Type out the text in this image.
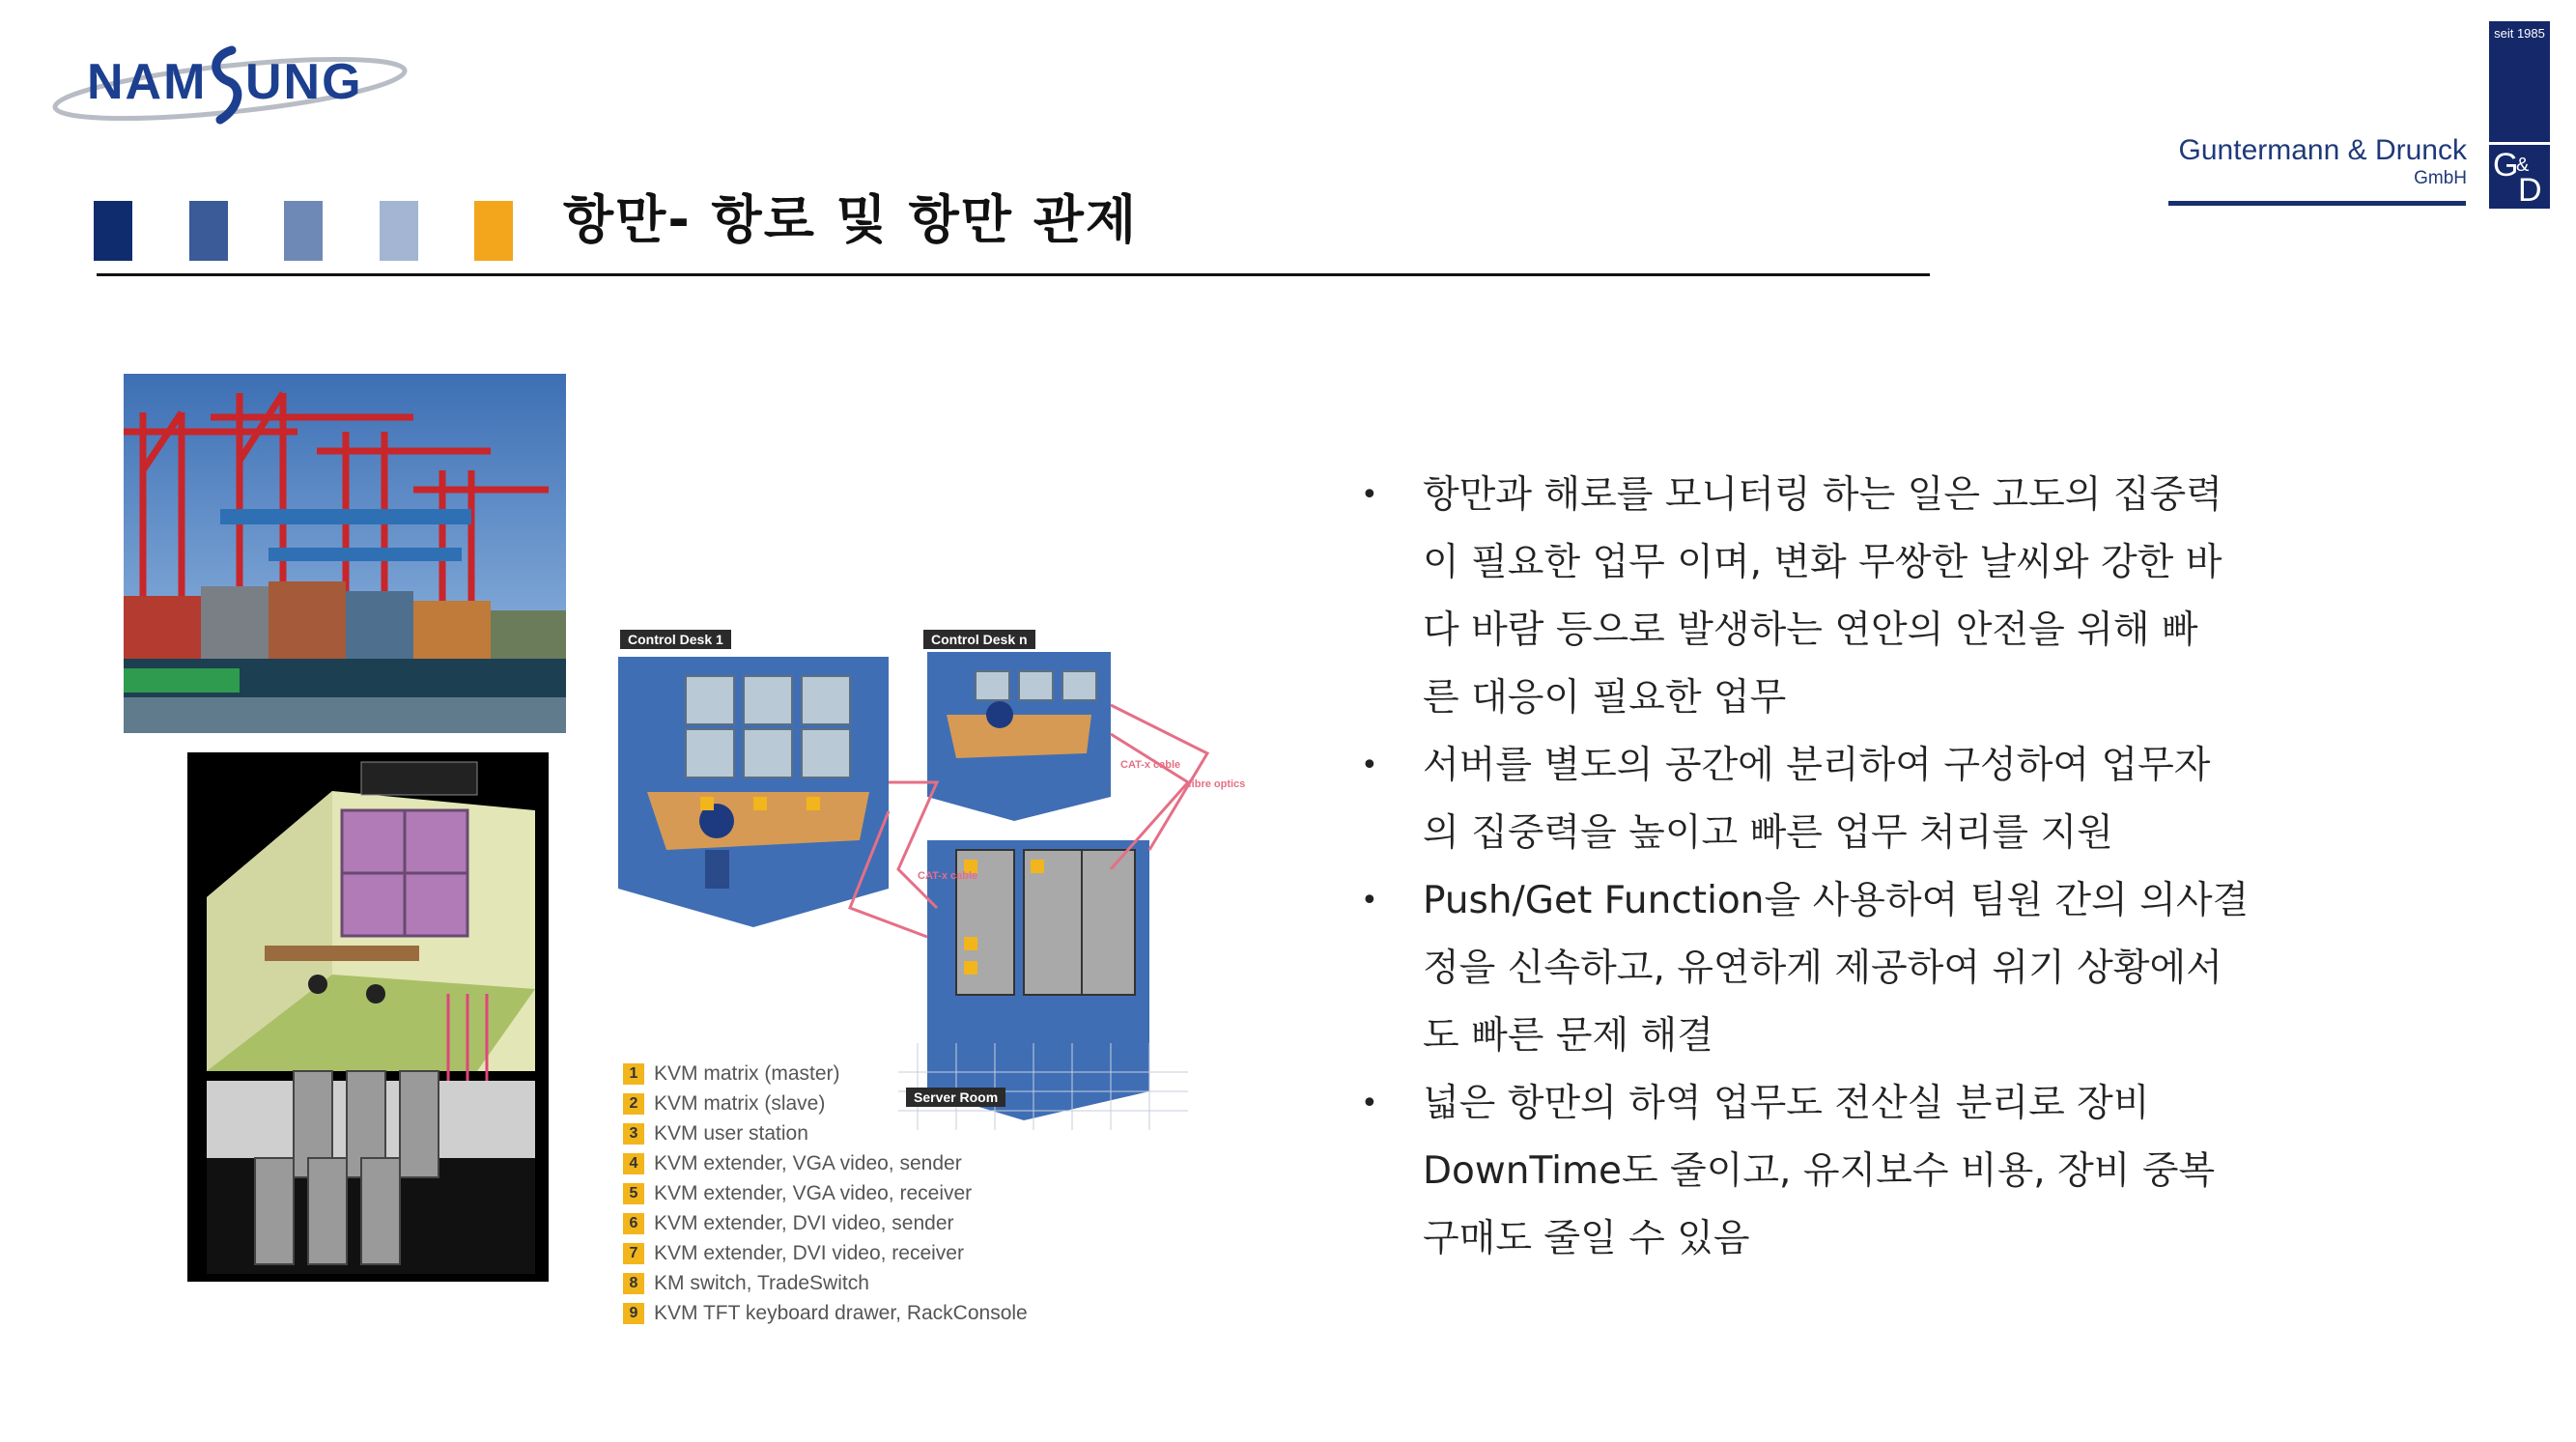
NAM UNG
Guntermann & Drunck
GmbH
seit 1985
G
&
D
항만- 항로 및 항만 관제
CAT-x cable
CAT-x cable
fibre optics
Control Desk 1	Control Desk n
Server Room
1 KVM matrix (master)
2 KVM matrix (slave)
3 KVM user station
4 KVM extender, VGA video, sender
5 KVM extender, VGA video, receiver
6 KVM extender, DVI video, sender
7 KVM extender, DVI video, receiver
8 KM switch, TradeSwitch
9 KVM TFT keyboard drawer, RackConsole
• 항만과 해로를 모니터링 하는 일은 고도의 집중력
이 필요한 업무 이며, 변화 무쌍한 날씨와 강한 바
다 바람 등으로 발생하는 연안의 안전을 위해 빠
른 대응이 필요한 업무
• 서버를 별도의 공간에 분리하여 구성하여 업무자
의 집중력을 높이고 빠른 업무 처리를 지원
• Push/Get Function을 사용하여 팀원 간의 의사결
정을 신속하고, 유연하게 제공하여 위기 상황에서
도 빠른 문제 해결
• 넓은 항만의 하역 업무도 전산실 분리로 장비
DownTime도 줄이고, 유지보수 비용, 장비 중복
구매도 줄일 수 있음
